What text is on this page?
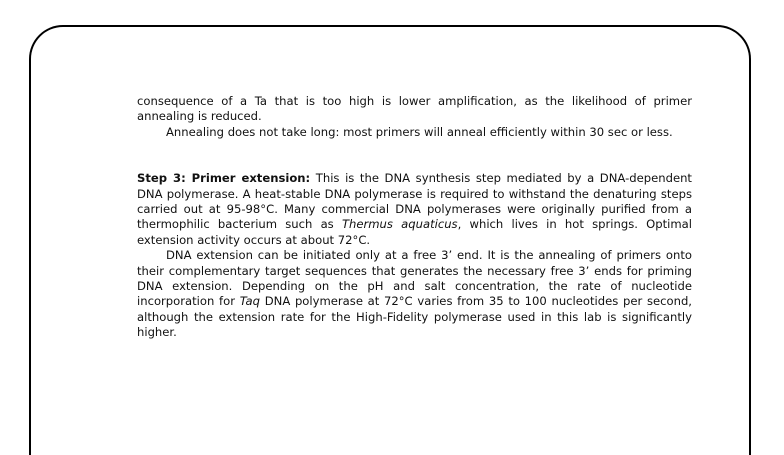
consequence of a Ta that is too high is lower amplification, as the likelihood of primer annealing is reduced.

Annealing does not take long: most primers will anneal efficiently within 30 sec or less.

Step 3: Primer extension: This is the DNA synthesis step mediated by a DNA-dependent DNA polymerase. A heat-stable DNA polymerase is required to withstand the denaturing steps carried out at 95-98°C. Many commercial DNA polymerases were originally purified from a thermophilic bacterium such as Thermus aquaticus, which lives in hot springs. Optimal extension activity occurs at about 72°C.

DNA extension can be initiated only at a free 3’ end. It is the annealing of primers onto their complementary target sequences that generates the necessary free 3’ ends for priming DNA extension. Depending on the pH and salt concentration, the rate of nucleotide incorporation for Taq DNA polymerase at 72°C varies from 35 to 100 nucleotides per second, although the extension rate for the High-Fidelity polymerase used in this lab is significantly higher.
